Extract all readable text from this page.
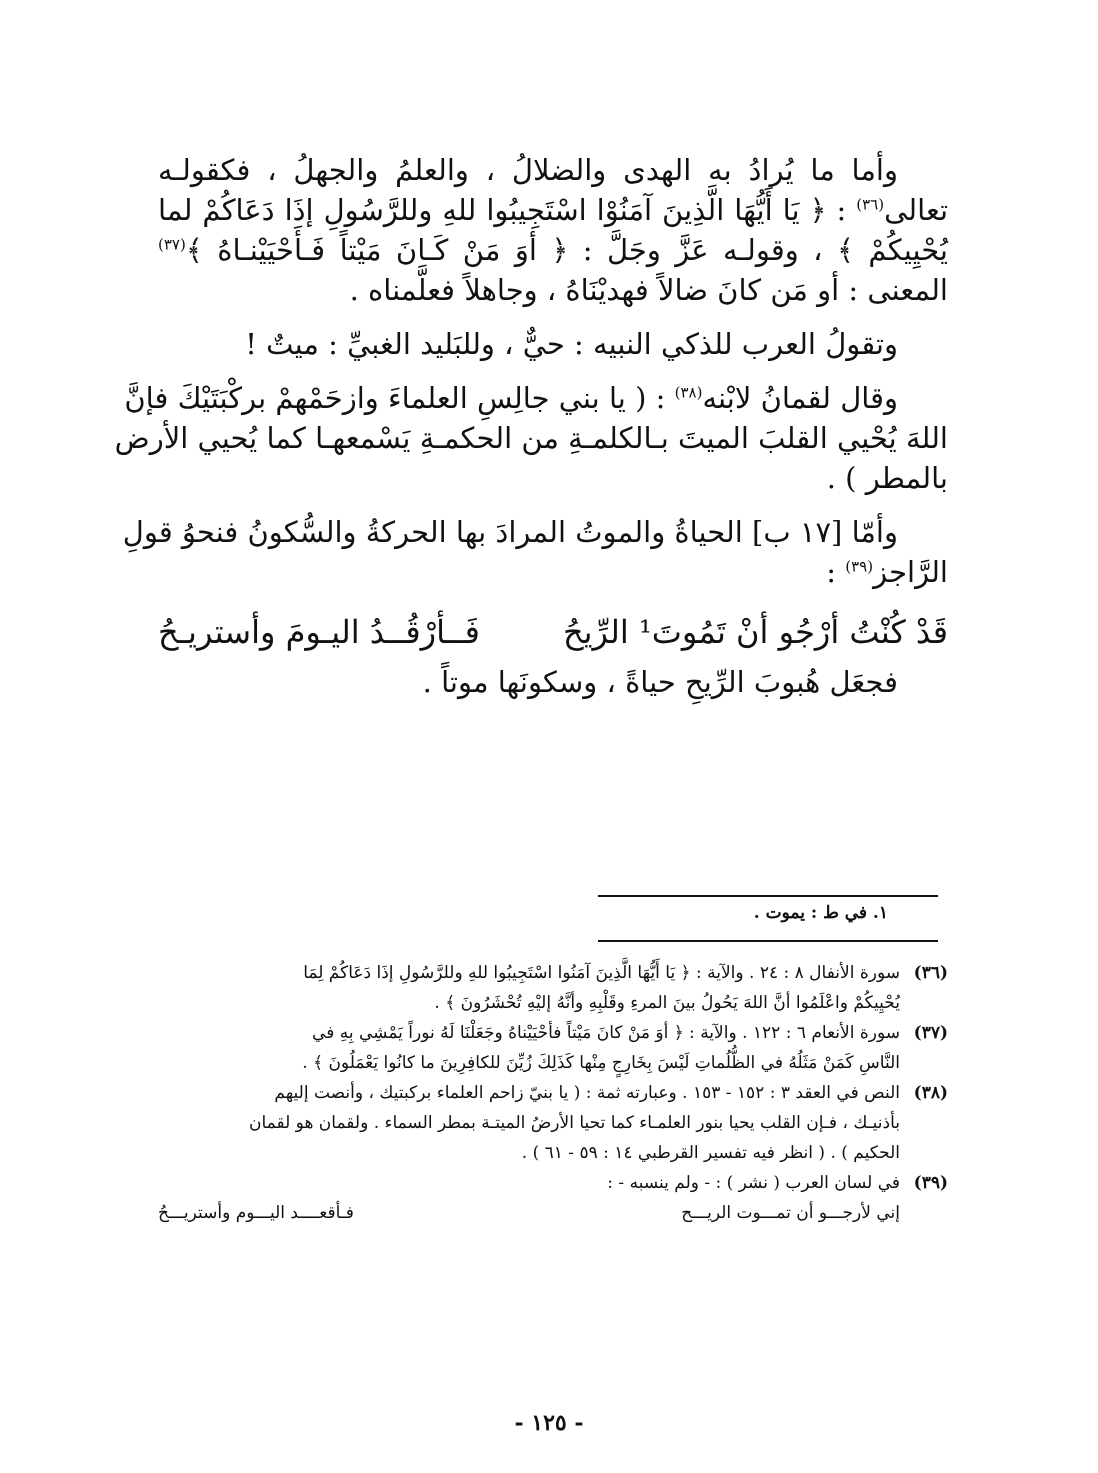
وأما ما يُرادُ به الهدى والضلالُ ، والعلمُ والجهلُ ، فكقولـه

تعالى$^{(٣٦)}$ : ﴿ يَا أَيُّهَا الَّذِينَ آمَنُوْا اسْتَجِيبُوا للهِ وللرَّسُولِ إذَا دَعَاكُمْ لما

يُحْيِيكُمْ ﴾ ، وقولـه عَزَّ وجَلَّ : ﴿ أوَ مَنْ كَـانَ مَيْتاً فَـأَحْيَيْنـاهُ ﴾$^{(٣٧)}$

المعنى : أو مَن كانَ ضالاً فهديْنَاهُ ، وجاهلاً فعلَّمناه .

وتقولُ العرب للذكي النبيه : حيٌّ ، وللبَليد الغبيِّ : ميتٌ !

وقال لقمانُ لابْنه$^{(٣٨)}$ : ( يا بني جالِسِ العلماءَ وازحَمْهمْ بركْبَتَيْكَ فإنَّ

اللهَ يُحْيي القلبَ الميتَ بـالكلمـةِ من الحكمـةِ يَسْمعهـا كما يُحيي الأرض

بالمطر ) .

وأمّا [١٧ ب] الحياةُ والموتُ المرادَ بها الحركةُ والسُّكونُ فنحوُ قولِ

الرَّاجز$^{(٣٩)}$ :

قَدْ كُنْتُ أرْجُو أنْ تَمُوتَ¹ الرِّيحُ
فَــأرْقُــدُ اليـومَ وأستريـحُ

فجعَل هُبوبَ الرِّيحِ حياةً ، وسكونَها موتاً .

١. في ط : يموت .
(٣٦)
سورة الأنفال ٨ : ٢٤ . والآية : ﴿ يَا أَيُّهَا الَّذِينَ آمَنُوا اسْتَجِيبُوا للهِ وللرَّسُولِ إذَا دَعَاكُمْ لِمَا
يُحْيِيكُمْ واعْلَمُوا أنَّ اللهَ يَحُولُ بينَ المرءِ وقَلْبِهِ وأنَّهُ إليْهِ تُحْشَرُونَ ﴾ .
(٣٧)
سورة الأنعام ٦ : ١٢٢ . والآية : ﴿ أوَ مَنْ كانَ مَيْتاً فأحْيَيْناهُ وجَعَلْنَا لَهُ نوراً يَمْشِي بِهِ في
النَّاسِ كَمَنْ مَثَلُهُ في الظُّلُماتِ لَيْسَ بِخَارِجٍ مِنْها كَذَلِكَ زُيِّنَ للكافِرِينَ ما كانُوا يَعْمَلُونَ ﴾ .
(٣٨)
النص في العقد ٣ : ١٥٢ - ١٥٣ . وعبارته ثمة : ( يا بنيّ زاحم العلماء بركبتيك ، وأنصت إليهم
بأذنيـك ، فـإن القلب يحيا بنور العلمـاء كما تحيا الأرضُ الميتـة بمطر السماء . ولقمان هو لقمان
الحكيم ) . ( انظر فيه تفسير القرطبي ١٤ : ٥٩ - ٦١ ) .
(٣٩)
في لسان العرب ( نشر ) : - ولم ينسبه - :
إني لأرجـــو أن تمـــوت الريـــح
فـأقعــــد اليـــوم وأستريـــحُ
- ١٢٥ -
